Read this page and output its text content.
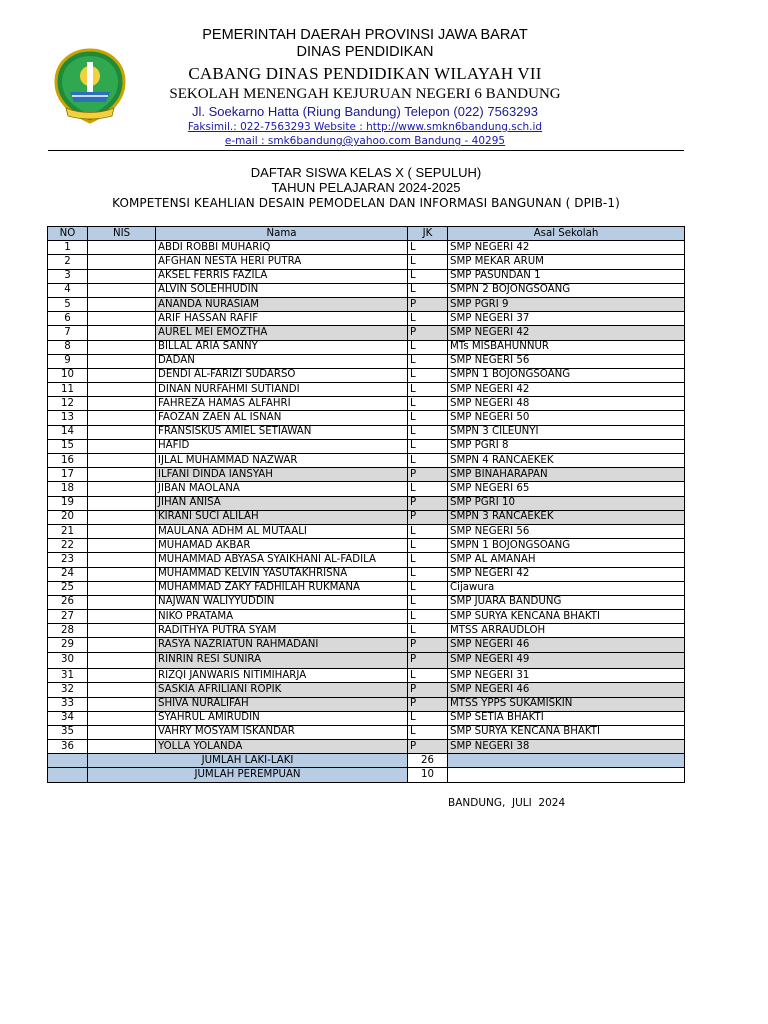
PEMERINTAH DAERAH PROVINSI JAWA BARAT
DINAS PENDIDIKAN
CABANG DINAS PENDIDIKAN WILAYAH VII
SEKOLAH MENENGAH KEJURUAN NEGERI 6 BANDUNG
Jl. Soekarno Hatta (Riung Bandung) Telepon (022) 7563293
Faksimil.: 022-7563293 Website : http://www.smkn6bandung.sch.id
e-mail : smk6bandung@yahoo.com Bandung - 40295
DAFTAR SISWA KELAS X ( SEPULUH)
TAHUN PELAJARAN 2024-2025
KOMPETENSI KEAHLIAN DESAIN PEMODELAN DAN INFORMASI BANGUNAN ( DPIB-1)
NO	NIS	Nama	JK	Asal Sekolah
1		ABDI ROBBI MUHARIQ	L	SMP NEGERI 42
2		AFGHAN NESTA HERI PUTRA	L	SMP MEKAR ARUM
3		AKSEL FERRIS FAZILA	L	SMP PASUNDAN 1
4		ALVIN SOLEHHUDIN	L	SMPN 2 BOJONGSOANG
5		ANANDA NURASIAM	P	SMP PGRI 9
6		ARIF HASSAN RAFIF	L	SMP NEGERI 37
7		AUREL MEI EMOZTHA	P	SMP NEGERI 42
8		BILLAL ARIA SANNY	L	MTs MISBAHUNNUR
9		DADAN	L	SMP NEGERI 56
10		DENDI AL-FARIZI SUDARSO	L	SMPN 1 BOJONGSOANG
11		DINAN NURFAHMI SUTIANDI	L	SMP NEGERI 42
12		FAHREZA HAMAS ALFAHRI	L	SMP NEGERI 48
13		FAOZAN ZAEN AL ISNAN	L	SMP NEGERI 50
14		FRANSISKUS AMIEL SETIAWAN	L	SMPN 3 CILEUNYI
15		HAFID	L	SMP PGRI 8
16		IJLAL MUHAMMAD NAZWAR	L	SMPN 4 RANCAEKEK
17		ILFANI DINDA IANSYAH	P	SMP BINAHARAPAN
18		JIBAN MAOLANA	L	SMP NEGERI 65
19		JIHAN ANISA	P	SMP PGRI 10
20		KIRANI SUCI ALILAH	P	SMPN 3 RANCAEKEK
21		MAULANA ADHM AL MUTAALI	L	SMP NEGERI 56
22		MUHAMAD AKBAR	L	SMPN 1 BOJONGSOANG
23		MUHAMMAD ABYASA SYAIKHANI AL-FADILA	L	SMP AL AMANAH
24		MUHAMMAD KELVIN YASUTAKHRISNA	L	SMP NEGERI 42
25		MUHAMMAD ZAKY FADHILAH RUKMANA	L	Cijawura
26		NAJWAN WALIYYUDDIN	L	SMP JUARA BANDUNG
27		NIKO PRATAMA	L	SMP SURYA KENCANA BHAKTI
28		RADITHYA PUTRA SYAM	L	MTSS ARRAUDLOH
29		RASYA NAZRIATUN RAHMADANI	P	SMP NEGERI 46
30		RINRIN RESI SUNIRA	P	SMP NEGERI 49
31		RIZQI JANWARIS NITIMIHARJA	L	SMP NEGERI 31
32		SASKIA AFRILIANI ROPIK	P	SMP NEGERI 46
33		SHIVA NURALIFAH	P	MTSS YPPS SUKAMISKIN
34		SYAHRUL AMIRUDIN	L	SMP SETIA BHAKTI
35		VAHRY MOSYAM ISKANDAR	L	SMP SURYA KENCANA BHAKTI
36		YOLLA YOLANDA	P	SMP NEGERI 38
	JUMLAH LAKI-LAKI		26	
	JUMLAH PEREMPUAN		10	
BANDUNG,  JULI  2024
